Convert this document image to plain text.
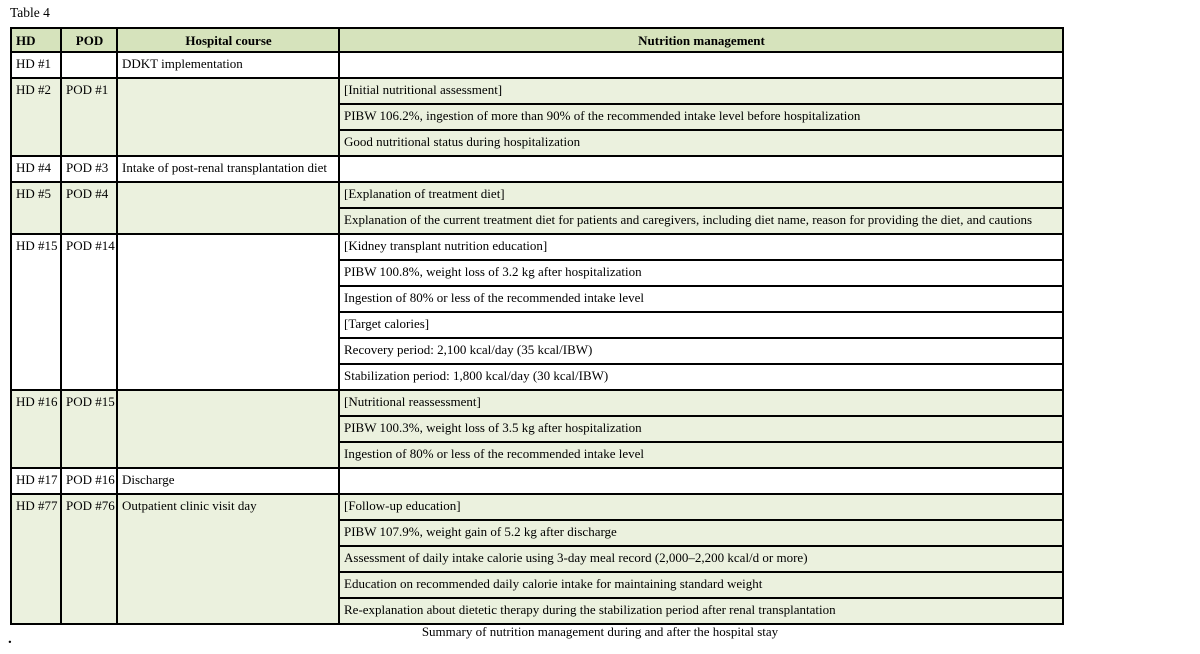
Table 4
HD	POD	Hospital course	Nutrition management
HD #1		DDKT implementation	
HD #2	POD #1		[Initial nutritional assessment]
			PIBW 106.2%, ingestion of more than 90% of the recommended intake level before hospitalization
			Good nutritional status during hospitalization
HD #4	POD #3	Intake of post-renal transplantation diet	
HD #5	POD #4		[Explanation of treatment diet]
			Explanation of the current treatment diet for patients and caregivers, including diet name, reason for providing the diet, and cautions
HD #15	POD #14		[Kidney transplant nutrition education]
			PIBW 100.8%, weight loss of 3.2 kg after hospitalization
			Ingestion of 80% or less of the recommended intake level
			[Target calories]
			Recovery period: 2,100 kcal/day (35 kcal/IBW)
			Stabilization period: 1,800 kcal/day (30 kcal/IBW)
HD #16	POD #15		[Nutritional reassessment]
			PIBW 100.3%, weight loss of 3.5 kg after hospitalization
			Ingestion of 80% or less of the recommended intake level
HD #17	POD #16	Discharge	
HD #77	POD #76	Outpatient clinic visit day	[Follow-up education]
			PIBW 107.9%, weight gain of 5.2 kg after discharge
			Assessment of daily intake calorie using 3-day meal record (2,000–2,200 kcal/d or more)
			Education on recommended daily calorie intake for maintaining standard weight
			Re-explanation about dietetic therapy during the stabilization period after renal transplantation
Summary of nutrition management during and after the hospital stay
.
